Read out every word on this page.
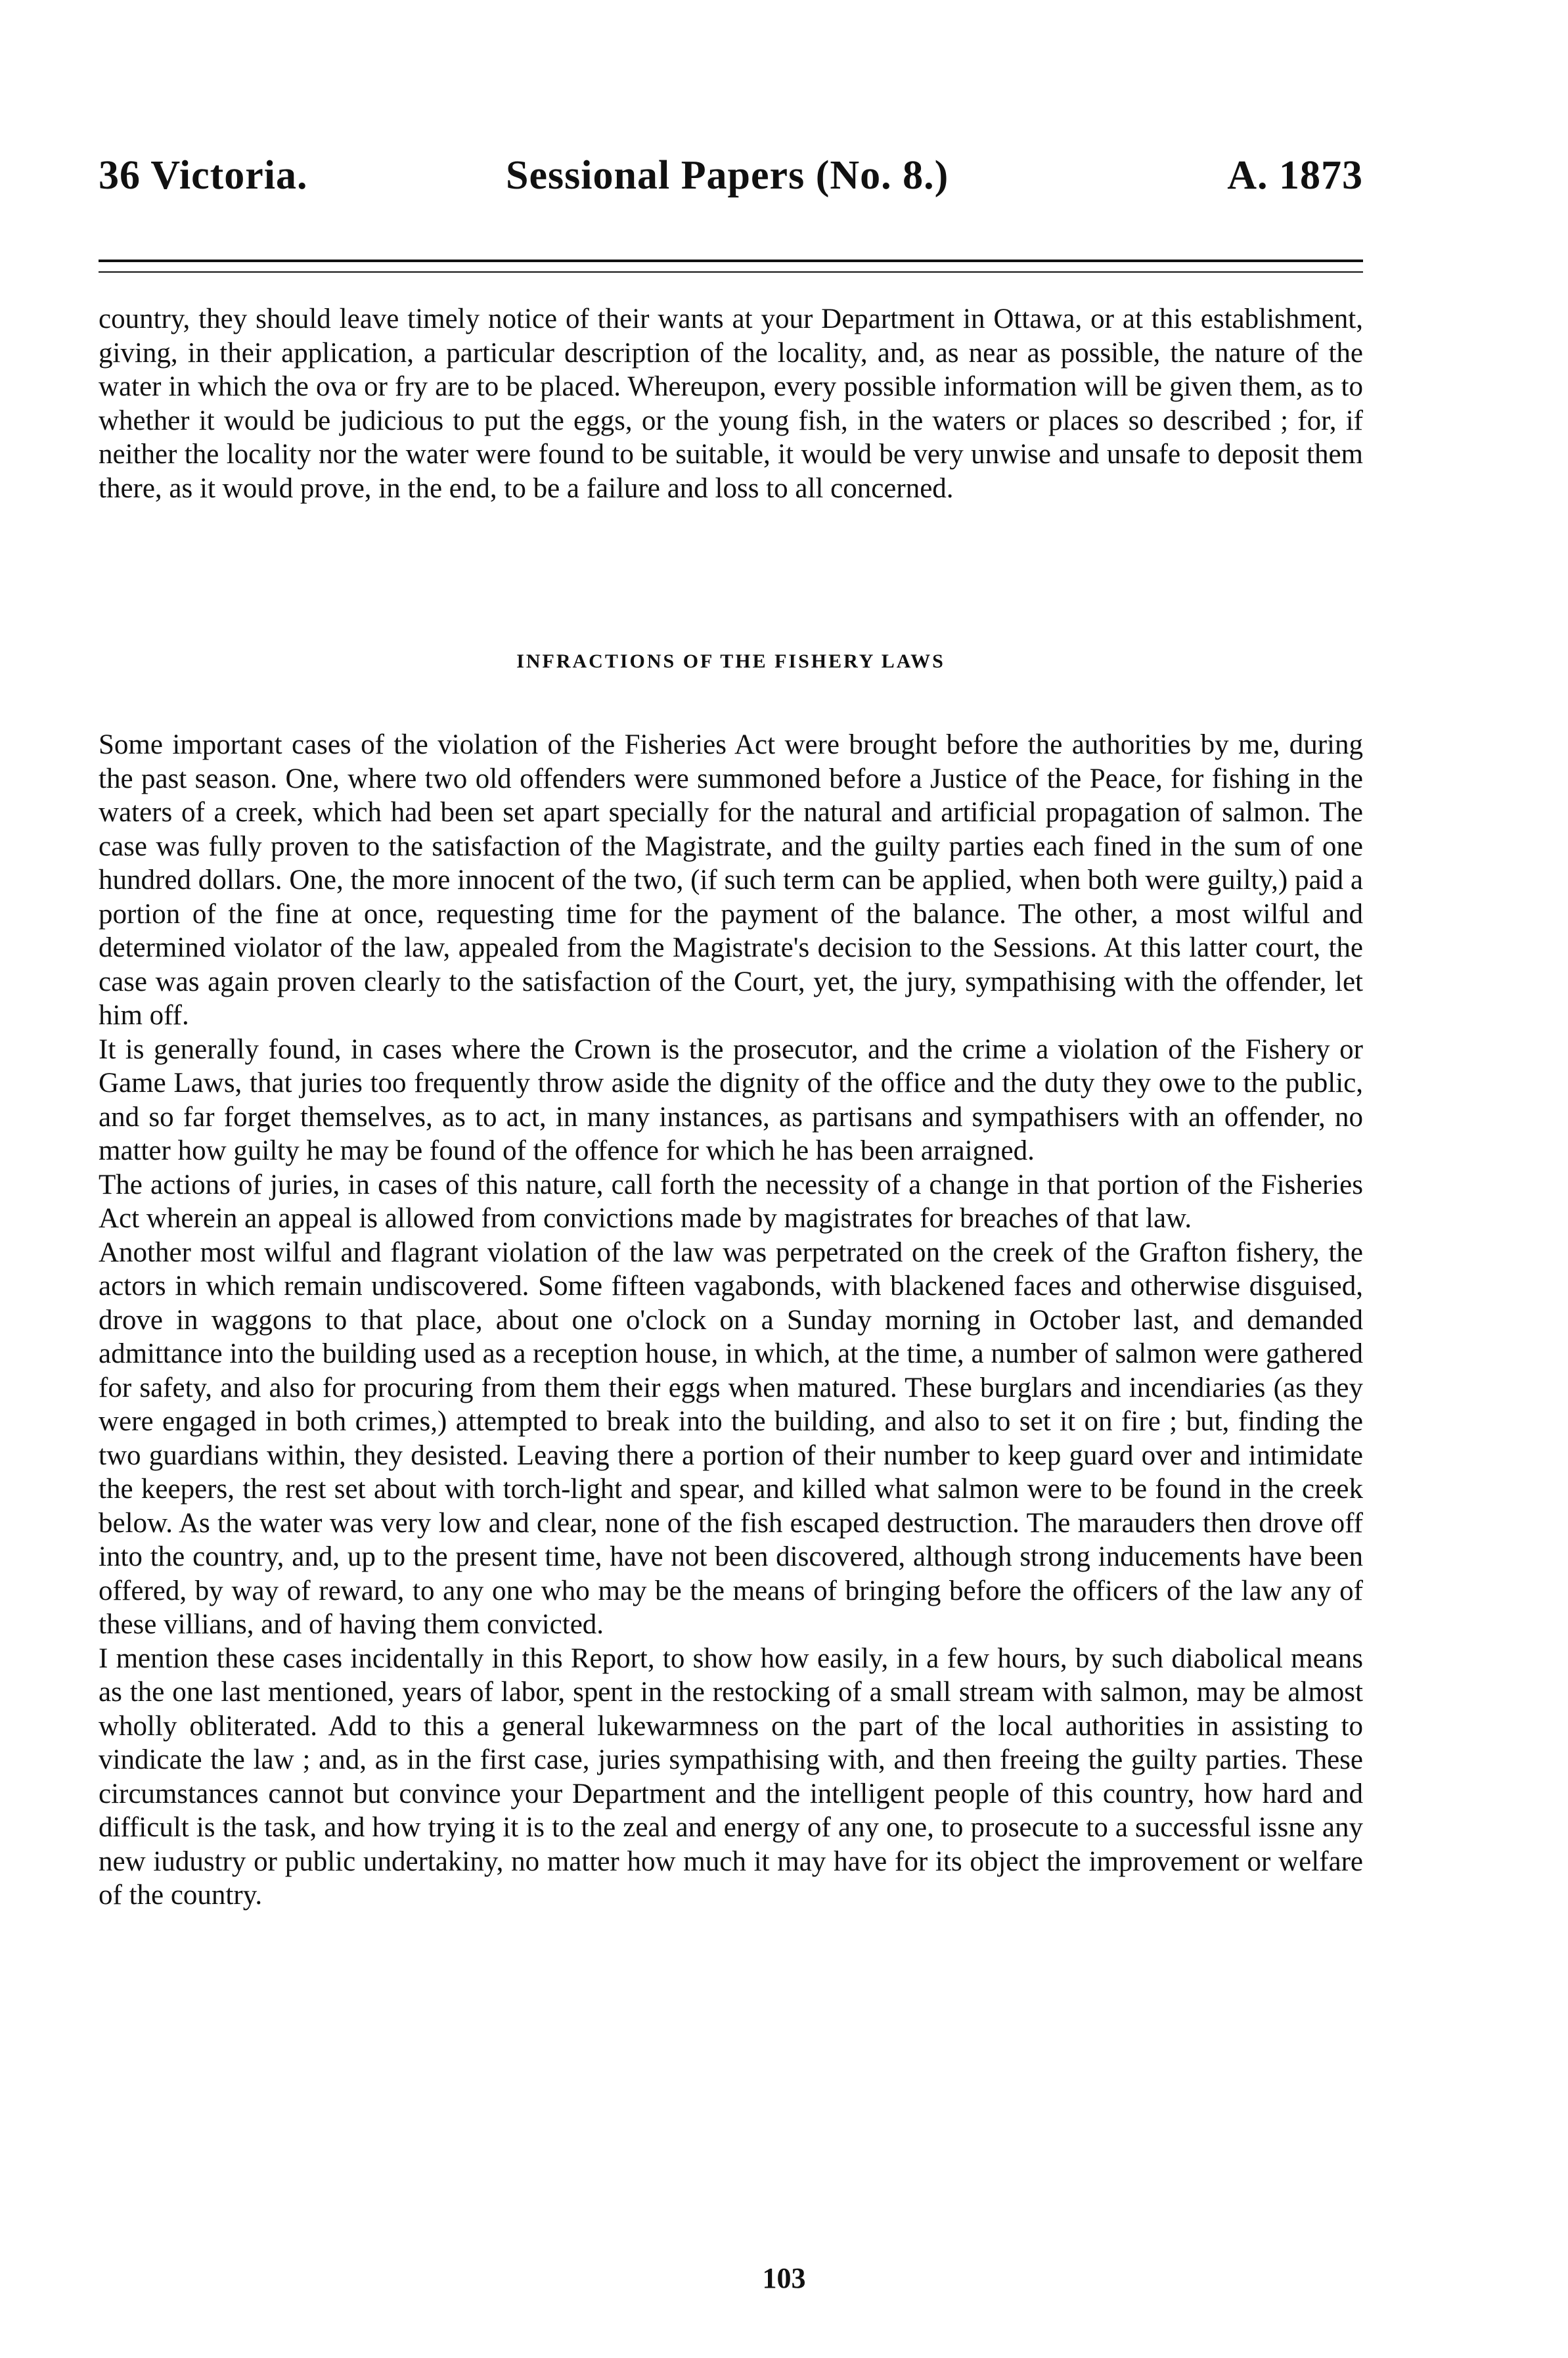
36 Victoria.	Sessional Papers (No. 8.)	A. 1873

country, they should leave timely notice of their wants at your Department in Ottawa, or at this establishment, giving, in their application, a particular description of the locality, and, as near as possible, the nature of the water in which the ova or fry are to be placed. Whereupon, every possible information will be given them, as to whether it would be judicious to put the eggs, or the young fish, in the waters or places so described ; for, if neither the locality nor the water were found to be suitable, it would be very unwise and unsafe to deposit them there, as it would prove, in the end, to be a failure and loss to all concerned.

INFRACTIONS OF THE FISHERY LAWS

Some important cases of the violation of the Fisheries Act were brought before the authorities by me, during the past season. One, where two old offenders were summoned before a Justice of the Peace, for fishing in the waters of a creek, which had been set apart specially for the natural and artificial propagation of salmon. The case was fully proven to the satisfaction of the Magistrate, and the guilty parties each fined in the sum of one hundred dollars. One, the more innocent of the two, (if such term can be applied, when both were guilty,) paid a portion of the fine at once, requesting time for the payment of the balance. The other, a most wilful and determined violator of the law, appealed from the Magistrate's decision to the Sessions. At this latter court, the case was again proven clearly to the satisfaction of the Court, yet, the jury, sympathising with the offender, let him off.

It is generally found, in cases where the Crown is the prosecutor, and the crime a violation of the Fishery or Game Laws, that juries too frequently throw aside the dignity of the office and the duty they owe to the public, and so far forget themselves, as to act, in many instances, as partisans and sympathisers with an offender, no matter how guilty he may be found of the offence for which he has been arraigned.

The actions of juries, in cases of this nature, call forth the necessity of a change in that portion of the Fisheries Act wherein an appeal is allowed from convictions made by magistrates for breaches of that law.

Another most wilful and flagrant violation of the law was perpetrated on the creek of the Grafton fishery, the actors in which remain undiscovered. Some fifteen vagabonds, with blackened faces and otherwise disguised, drove in waggons to that place, about one o'clock on a Sunday morning in October last, and demanded admittance into the building used as a reception house, in which, at the time, a number of salmon were gathered for safety, and also for procuring from them their eggs when matured. These burglars and incendiaries (as they were engaged in both crimes,) attempted to break into the building, and also to set it on fire ; but, finding the two guardians within, they desisted. Leaving there a portion of their number to keep guard over and intimidate the keepers, the rest set about with torch-light and spear, and killed what salmon were to be found in the creek below. As the water was very low and clear, none of the fish escaped destruction. The marauders then drove off into the country, and, up to the present time, have not been discovered, although strong inducements have been offered, by way of reward, to any one who may be the means of bringing before the officers of the law any of these villians, and of having them convicted.

I mention these cases incidentally in this Report, to show how easily, in a few hours, by such diabolical means as the one last mentioned, years of labor, spent in the restocking of a small stream with salmon, may be almost wholly obliterated. Add to this a general lukewarmness on the part of the local authorities in assisting to vindicate the law ; and, as in the first case, juries sympathising with, and then freeing the guilty parties. These circumstances cannot but convince your Department and the intelligent people of this country, how hard and difficult is the task, and how trying it is to the zeal and energy of any one, to prosecute to a successful issne any new iudustry or public undertakiny, no matter how much it may have for its object the improvement or welfare of the country.

103
